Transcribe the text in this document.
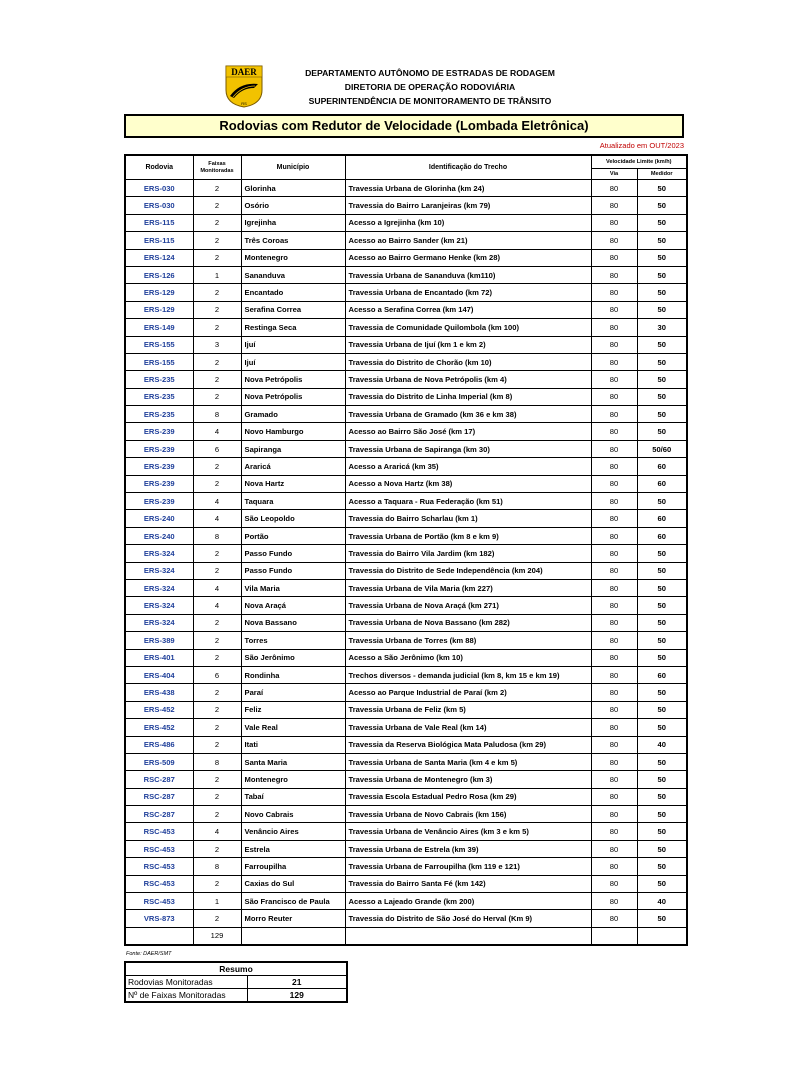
DAER
RS
DEPARTAMENTO AUTÔNOMO DE ESTRADAS DE RODAGEM
DIRETORIA DE OPERAÇÃO RODOVIÁRIA
SUPERINTENDÊNCIA DE MONITORAMENTO DE TRÂNSITO
Rodovias com Redutor de Velocidade (Lombada Eletrônica)
Atualizado em OUT/2023
Rodovia	Faixas Monitoradas	Município	Identificação do Trecho	Velocidade Limite (km/h)	
				Via	Medidor
ERS-030	2	Glorinha	Travessia Urbana de Glorinha (km 24)	80	50
ERS-030	2	Osório	Travessia do Bairro Laranjeiras (km 79)	80	50
ERS-115	2	Igrejinha	Acesso a Igrejinha (km 10)	80	50
ERS-115	2	Três Coroas	Acesso ao Bairro Sander (km 21)	80	50
ERS-124	2	Montenegro	Acesso ao Bairro Germano Henke (km 28)	80	50
ERS-126	1	Sananduva	Travessia Urbana de Sananduva (km110)	80	50
ERS-129	2	Encantado	Travessia Urbana de Encantado (km 72)	80	50
ERS-129	2	Serafina Correa	Acesso a Serafina Correa (km 147)	80	50
ERS-149	2	Restinga Seca	Travessia de Comunidade Quilombola (km 100)	80	30
ERS-155	3	Ijuí	Travessia Urbana de Ijuí (km 1 e km 2)	80	50
ERS-155	2	Ijuí	Travessia do Distrito de Chorão (km 10)	80	50
ERS-235	2	Nova Petrópolis	Travessia Urbana de Nova Petrópolis (km 4)	80	50
ERS-235	2	Nova Petrópolis	Travessia do Distrito de Linha Imperial (km 8)	80	50
ERS-235	8	Gramado	Travessia Urbana de Gramado (km 36 e km 38)	80	50
ERS-239	4	Novo Hamburgo	Acesso ao Bairro São José (km 17)	80	50
ERS-239	6	Sapiranga	Travessia Urbana de Sapiranga (km 30)	80	50/60
ERS-239	2	Araricá	Acesso a Araricá (km 35)	80	60
ERS-239	2	Nova Hartz	Acesso a Nova Hartz (km 38)	80	60
ERS-239	4	Taquara	Acesso a Taquara - Rua Federação (km 51)	80	50
ERS-240	4	São Leopoldo	Travessia do Bairro Scharlau (km 1)	80	60
ERS-240	8	Portão	Travessia Urbana de Portão (km 8 e km 9)	80	60
ERS-324	2	Passo Fundo	Travessia do Bairro Vila Jardim (km 182)	80	50
ERS-324	2	Passo Fundo	Travessia do Distrito de Sede Independência (km 204)	80	50
ERS-324	4	Vila Maria	Travessia Urbana de Vila Maria (km 227)	80	50
ERS-324	4	Nova Araçá	Travessia Urbana de Nova Araçá (km 271)	80	50
ERS-324	2	Nova Bassano	Travessia Urbana de Nova Bassano (km 282)	80	50
ERS-389	2	Torres	Travessia Urbana de Torres (km 88)	80	50
ERS-401	2	São Jerônimo	Acesso a São Jerônimo (km 10)	80	50
ERS-404	6	Rondinha	Trechos diversos - demanda judicial (km 8, km 15 e km 19)	80	60
ERS-438	2	Paraí	Acesso ao Parque Industrial de Paraí (km 2)	80	50
ERS-452	2	Feliz	Travessia Urbana de Feliz (km 5)	80	50
ERS-452	2	Vale Real	Travessia Urbana de Vale Real (km 14)	80	50
ERS-486	2	Itati	Travessia da Reserva Biológica Mata Paludosa (km 29)	80	40
ERS-509	8	Santa Maria	Travessia Urbana de Santa Maria (km 4 e km 5)	80	50
RSC-287	2	Montenegro	Travessia Urbana de Montenegro (km 3)	80	50
RSC-287	2	Tabaí	Travessia Escola Estadual Pedro Rosa (km 29)	80	50
RSC-287	2	Novo Cabrais	Travessia Urbana de Novo Cabrais (km 156)	80	50
RSC-453	4	Venâncio Aires	Travessia Urbana de Venâncio Aires (km 3 e km 5)	80	50
RSC-453	2	Estrela	Travessia Urbana de Estrela (km 39)	80	50
RSC-453	8	Farroupilha	Travessia Urbana de Farroupilha (km 119 e 121)	80	50
RSC-453	2	Caxias do Sul	Travessia do Bairro Santa Fé (km 142)	80	50
RSC-453	1	São Francisco de Paula	Acesso a Lajeado Grande (km 200)	80	40
VRS-873	2	Morro Reuter	Travessia do Distrito de São José do Herval (Km 9)	80	50
	129				
Fonte: DAER/SMT
Resumo	
Rodovias Monitoradas	21
Nº de Faixas Monitoradas	129
